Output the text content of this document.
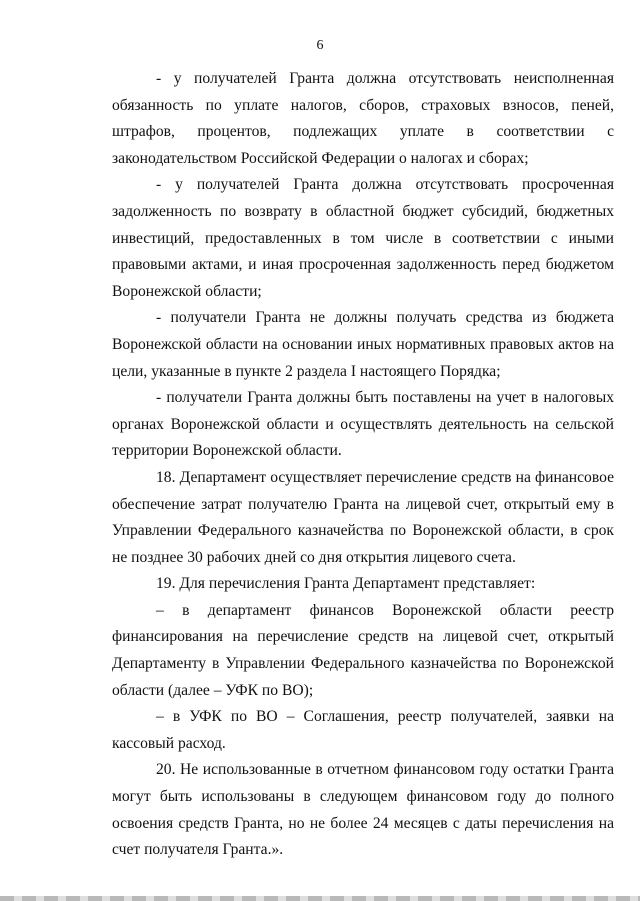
6

- у получателей Гранта должна отсутствовать неисполненная обязанность по уплате налогов, сборов, страховых взносов, пеней, штрафов, процентов, подлежащих уплате в соответствии с законодательством Российской Федерации о налогах и сборах;

- у получателей Гранта должна отсутствовать просроченная задолженность по возврату в областной бюджет субсидий, бюджетных инвестиций, предоставленных в том числе в соответствии с иными правовыми актами, и иная просроченная задолженность перед бюджетом Воронежской области;

- получатели Гранта не должны получать средства из бюджета Воронежской области на основании иных нормативных правовых актов на цели, указанные в пункте 2 раздела I настоящего Порядка;

- получатели Гранта должны быть поставлены на учет в налоговых органах Воронежской области и осуществлять деятельность на сельской территории Воронежской области.

18. Департамент осуществляет перечисление средств на финансовое обеспечение затрат получателю Гранта на лицевой счет, открытый ему в Управлении Федерального казначейства по Воронежской области, в срок не позднее 30 рабочих дней со дня открытия лицевого счета.

19. Для перечисления Гранта Департамент представляет:

– в департамент финансов Воронежской области реестр финансирования на перечисление средств на лицевой счет, открытый Департаменту в Управлении Федерального казначейства по Воронежской области (далее – УФК по ВО);

– в УФК по ВО – Соглашения, реестр получателей, заявки на кассовый расход.

20. Не использованные в отчетном финансовом году остатки Гранта могут быть использованы в следующем финансовом году до полного освоения средств Гранта, но не более 24 месяцев с даты перечисления на счет получателя Гранта.».
